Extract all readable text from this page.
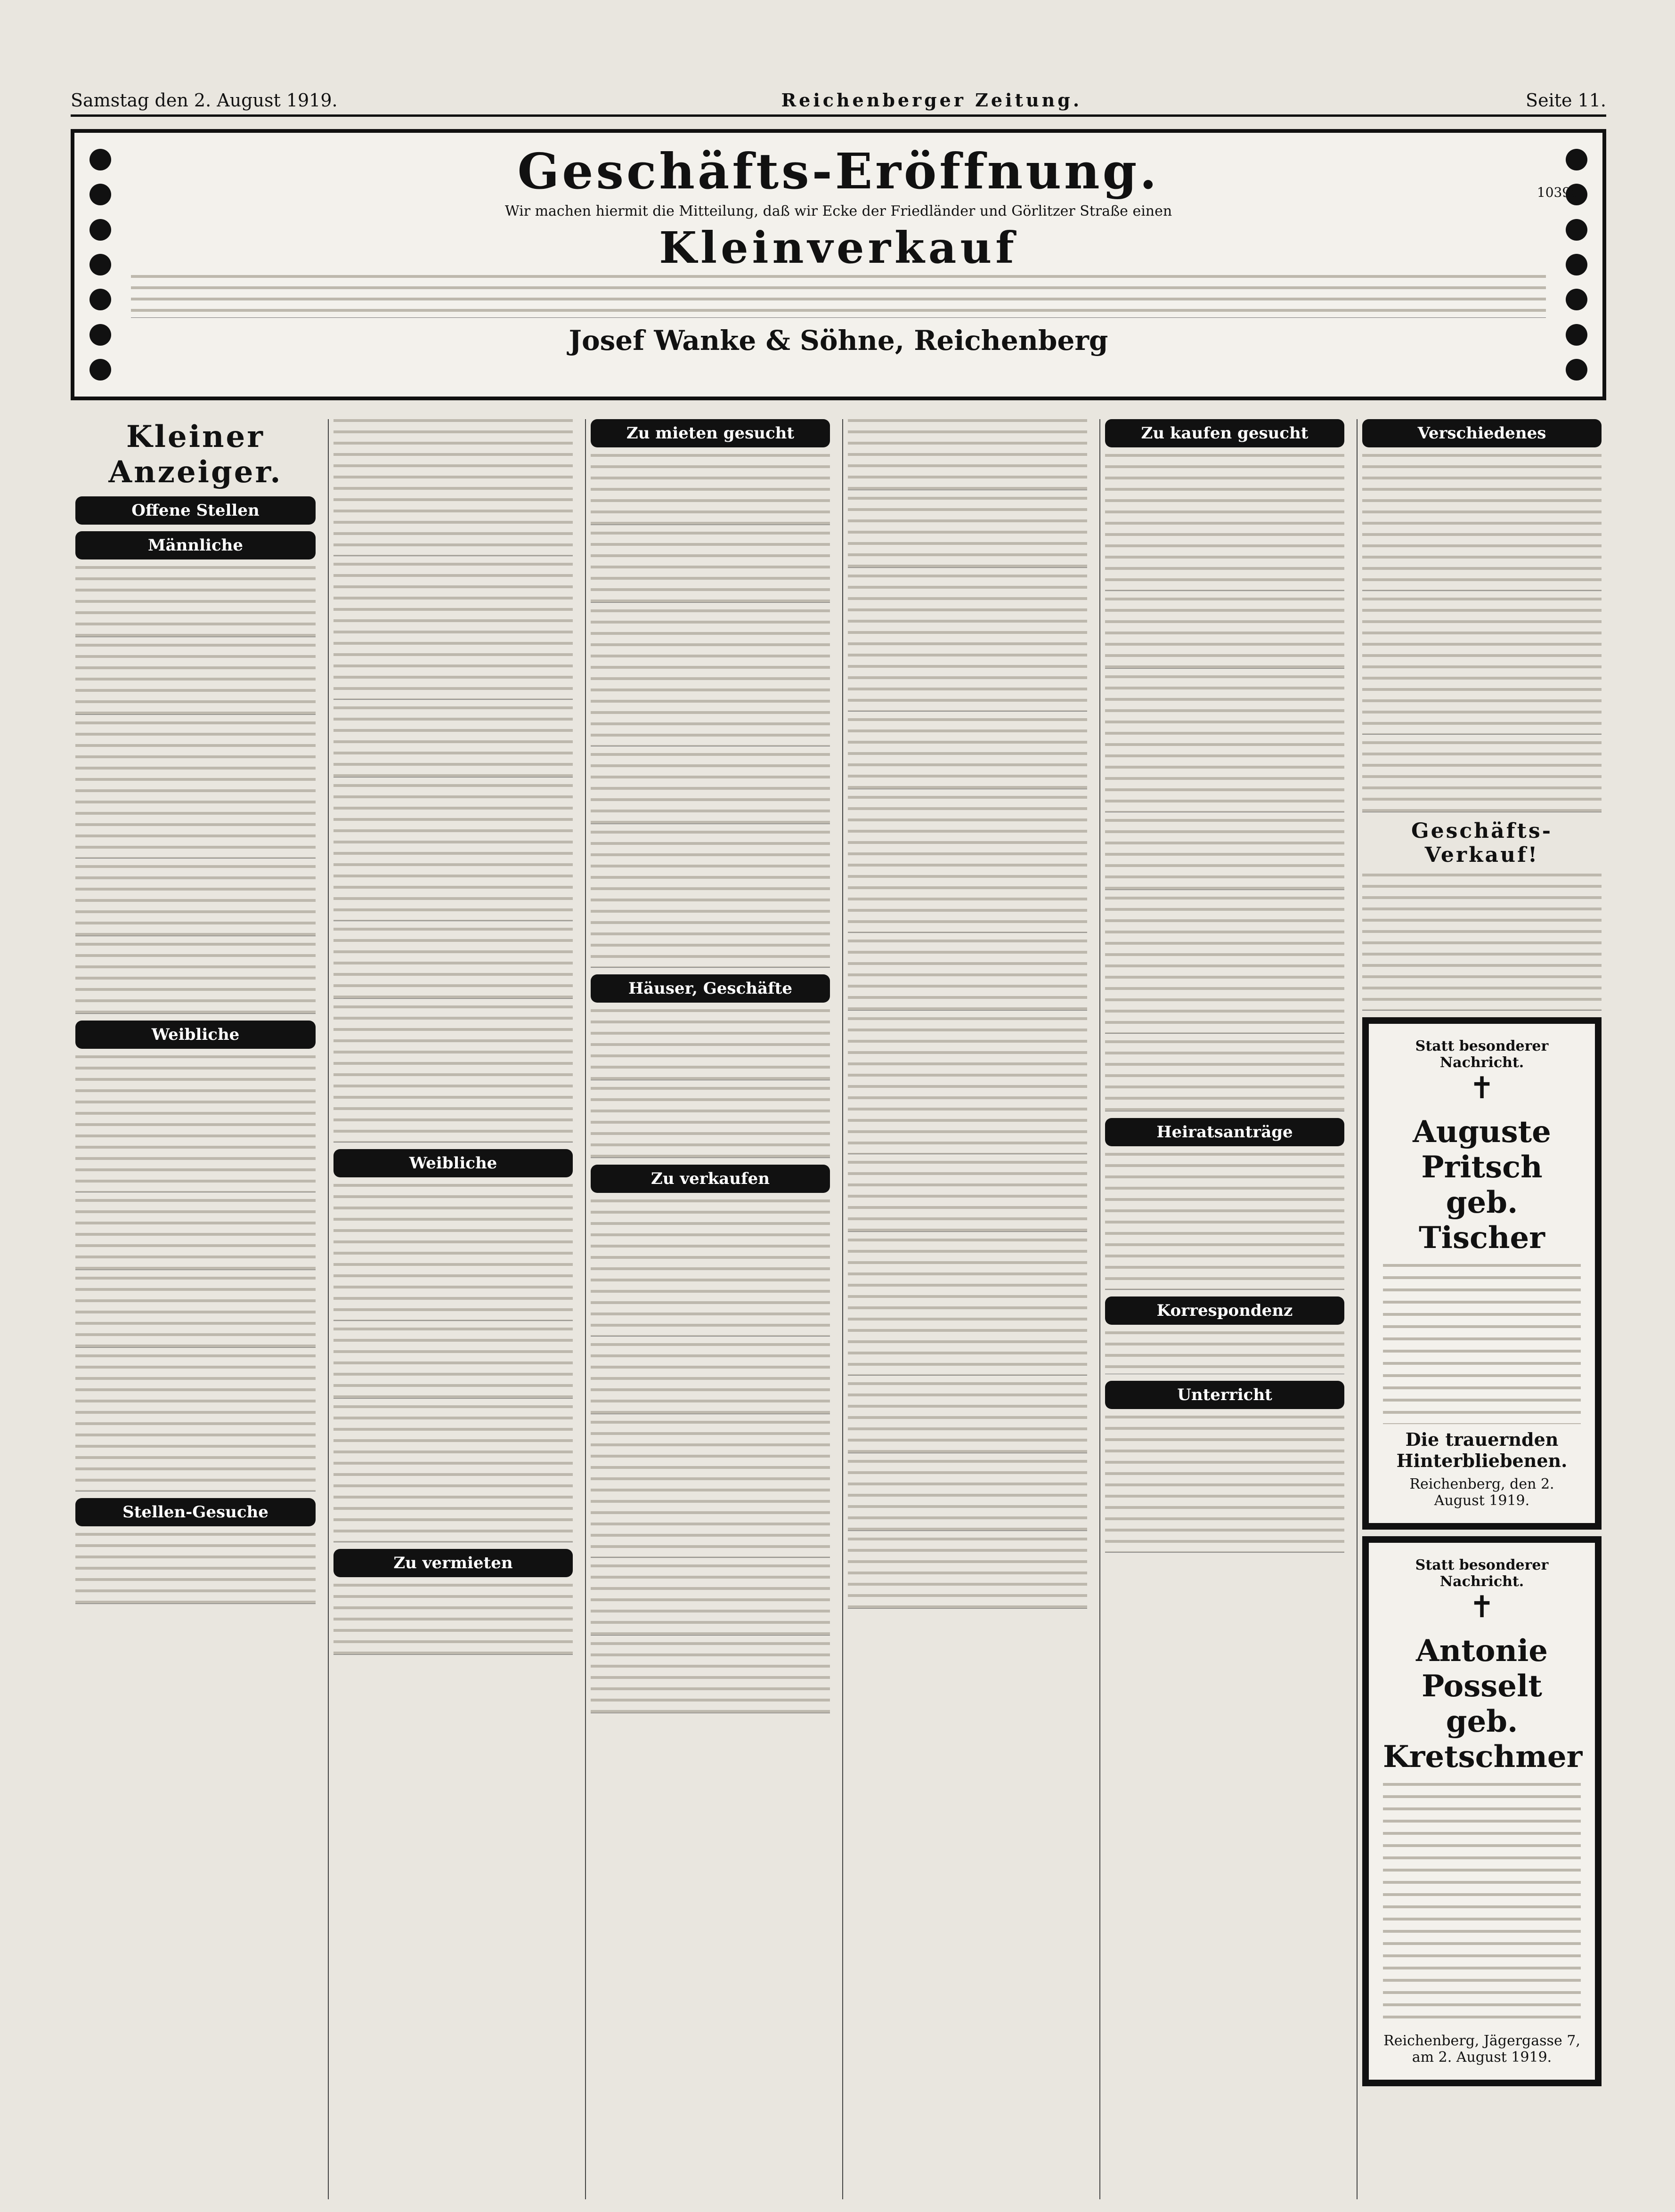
Samstag den 2. August 1919.	Reichenberger Zeitung.	Seite 11.
10395
Geschäfts-Eröffnung.
Wir machen hiermit die Mitteilung, daß wir Ecke der Friedländer und Görlitzer Straße einen
Kleinverkauf
Josef Wanke & Söhne, Reichenberg
Kleiner Anzeiger.
Offene Stellen
Männliche
Weibliche
Stellen-Gesuche
Weibliche
Zu vermieten
Zu mieten gesucht
Häuser, Geschäfte
Zu verkaufen
Zu kaufen gesucht
Heiratsanträge
Korrespondenz
Unterricht
Verschiedenes
Geschäfts-Verkauf!
Statt besonderer Nachricht.
✝
Auguste Pritsch geb. Tischer
Die trauernden Hinterbliebenen.
Reichenberg, den 2. August 1919.
Statt besonderer Nachricht.
✝
Antonie Posselt geb. Kretschmer
Reichenberg, Jägergasse 7, am 2. August 1919.
